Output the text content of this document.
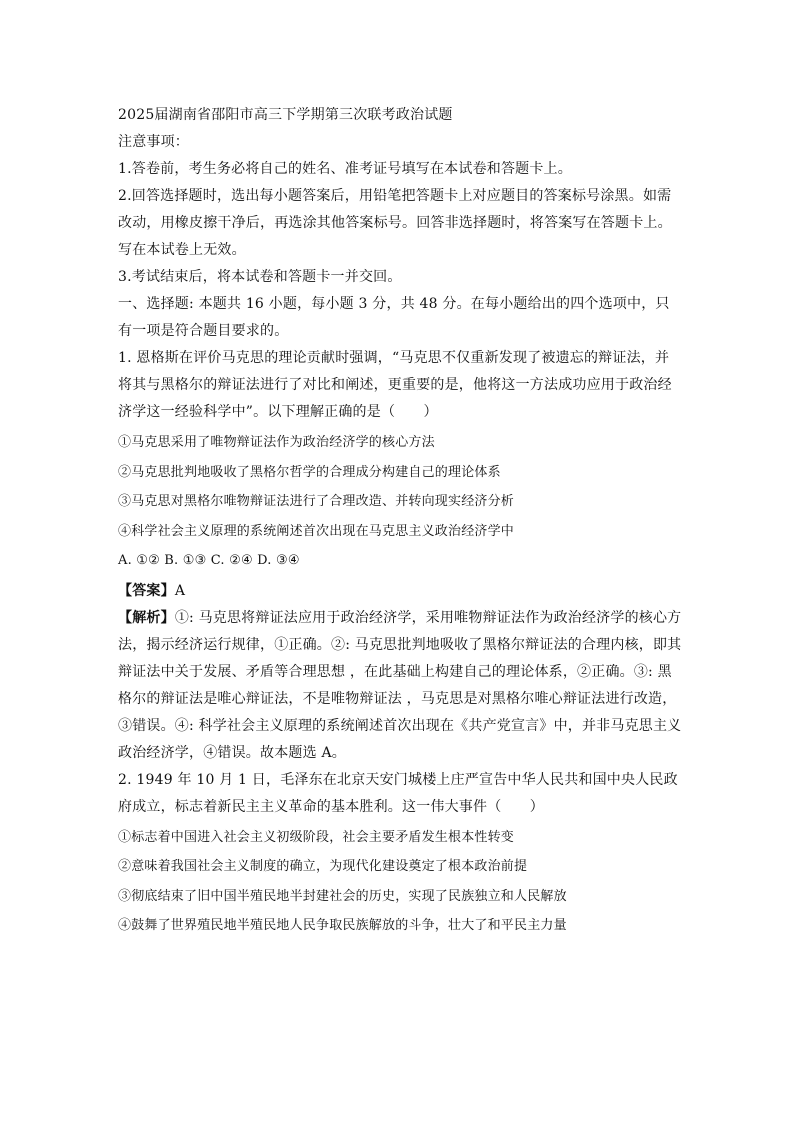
2025届湖南省邵阳市高三下学期第三次联考政治试题

注意事项：

1.答卷前，考生务必将自己的姓名、准考证号填写在本试卷和答题卡上。

2.回答选择题时，选出每小题答案后，用铅笔把答题卡上对应题目的答案标号涂黑。如需改动，用橡皮擦干净后，再选涂其他答案标号。回答非选择题时，将答案写在答题卡上。写在本试卷上无效。

3.考试结束后，将本试卷和答题卡一并交回。

一、选择题: 本题共 16 小题，每小题 3 分，共 48 分。在每小题给出的四个选项中，只有一项是符合题目要求的。

1. 恩格斯在评价马克思的理论贡献时强调，“马克思不仅重新发现了被遗忘的辩证法，并将其与黑格尔的辩证法进行了对比和阐述，更重要的是，他将这一方法成功应用于政治经济学这一经验科学中”。以下理解正确的是（　　）

①马克思采用了唯物辩证法作为政治经济学的核心方法

②马克思批判地吸收了黑格尔哲学的合理成分构建自己的理论体系

③马克思对黑格尔唯物辩证法进行了合理改造、并转向现实经济分析

④科学社会主义原理的系统阐述首次出现在马克思主义政治经济学中

A. ①② B. ①③ C. ②④ D. ③④

【答案】A

【解析】①: 马克思将辩证法应用于政治经济学，采用唯物辩证法作为政治经济学的核心方法，揭示经济运行规律，①正确。②: 马克思批判地吸收了黑格尔辩证法的合理内核，即其辩证法中关于发展、矛盾等合理思想 ，在此基础上构建自己的理论体系，②正确。③: 黑格尔的辩证法是唯心辩证法，不是唯物辩证法 ，马克思是对黑格尔唯心辩证法进行改造，③错误。④: 科学社会主义原理的系统阐述首次出现在《共产党宣言》中，并非马克思主义政治经济学，④错误。故本题选 A。

2. 1949 年 10 月 1 日，毛泽东在北京天安门城楼上庄严宣告中华人民共和国中央人民政府成立，标志着新民主主义革命的基本胜利。这一伟大事件（　　）

①标志着中国进入社会主义初级阶段，社会主要矛盾发生根本性转变

②意味着我国社会主义制度的确立，为现代化建设奠定了根本政治前提

③彻底结束了旧中国半殖民地半封建社会的历史，实现了民族独立和人民解放

④鼓舞了世界殖民地半殖民地人民争取民族解放的斗争，壮大了和平民主力量
